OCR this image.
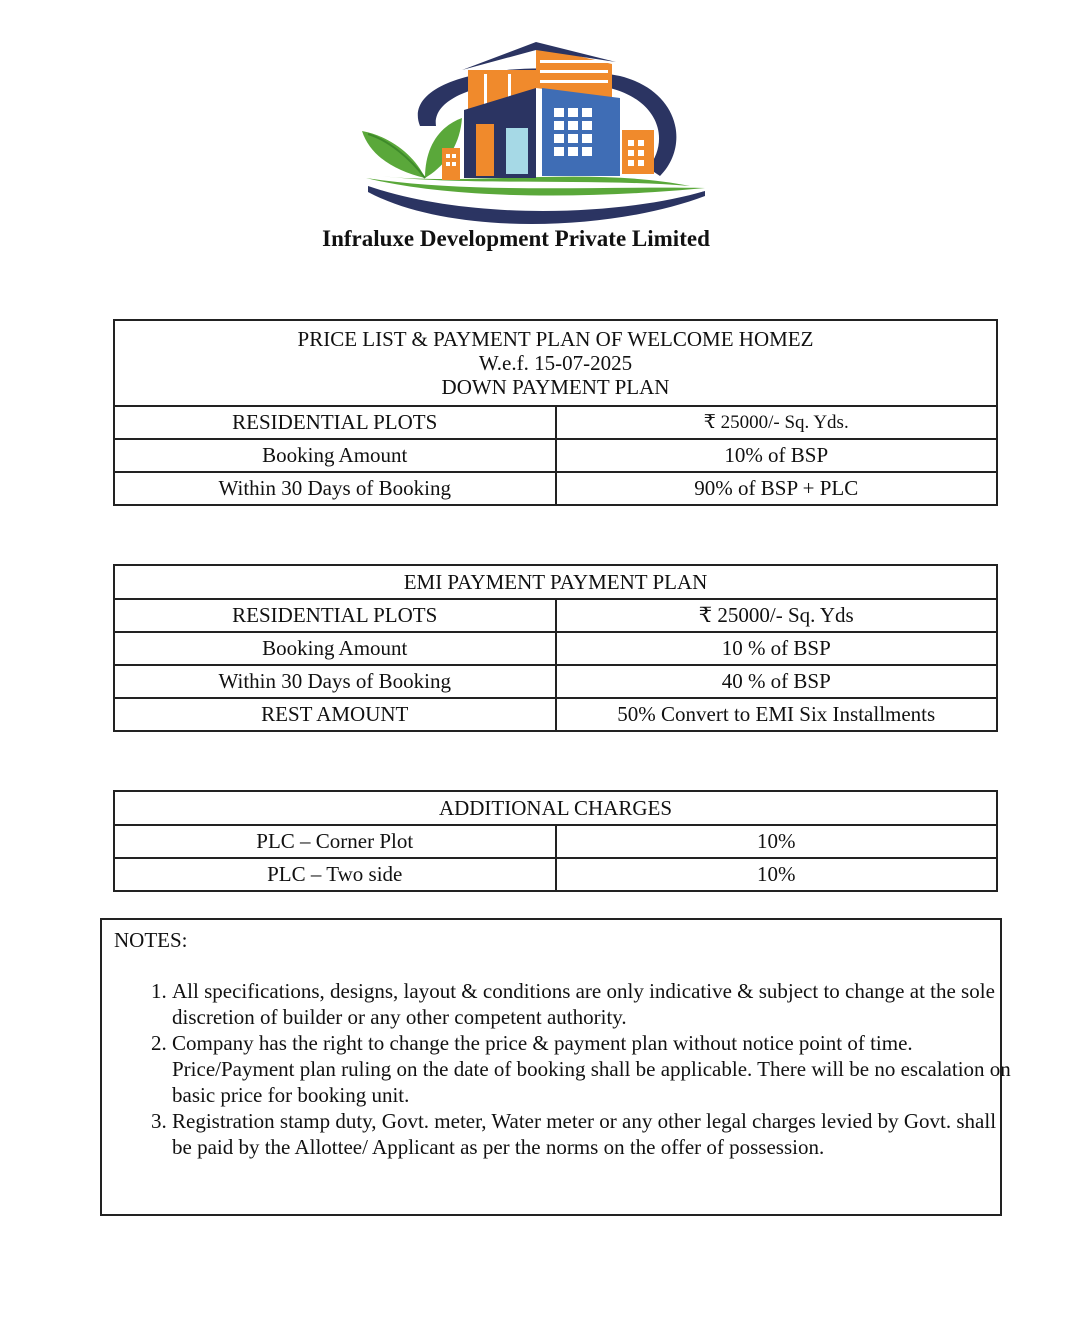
Infraluxe Development Private Limited
PRICE LIST & PAYMENT PLAN OF WELCOME HOMEZ
W.e.f. 15-07-2025
DOWN PAYMENT PLAN	

RESIDENTIAL PLOTS	₹ 25000/- Sq. Yds.
Booking Amount	10% of BSP
Within 30 Days of Booking	90% of BSP + PLC
EMI PAYMENT PAYMENT PLAN	
RESIDENTIAL PLOTS	₹ 25000/- Sq. Yds
Booking Amount	10 % of BSP
Within 30 Days of Booking	40 % of BSP
REST AMOUNT	50% Convert to EMI Six Installments
ADDITIONAL CHARGES	
PLC – Corner Plot	10%
PLC – Two side	10%
NOTES:
1. All specifications, designs, layout & conditions are only indicative & subject to change at the sole discretion of builder or any other competent authority.
2. Company has the right to change the price & payment plan without notice point of time. Price/Payment plan ruling on the date of booking shall be applicable. There will be no escalation on basic price for booking unit.
3. Registration stamp duty, Govt. meter, Water meter or any other legal charges levied by Govt. shall be paid by the Allottee/ Applicant as per the norms on the offer of possession.
